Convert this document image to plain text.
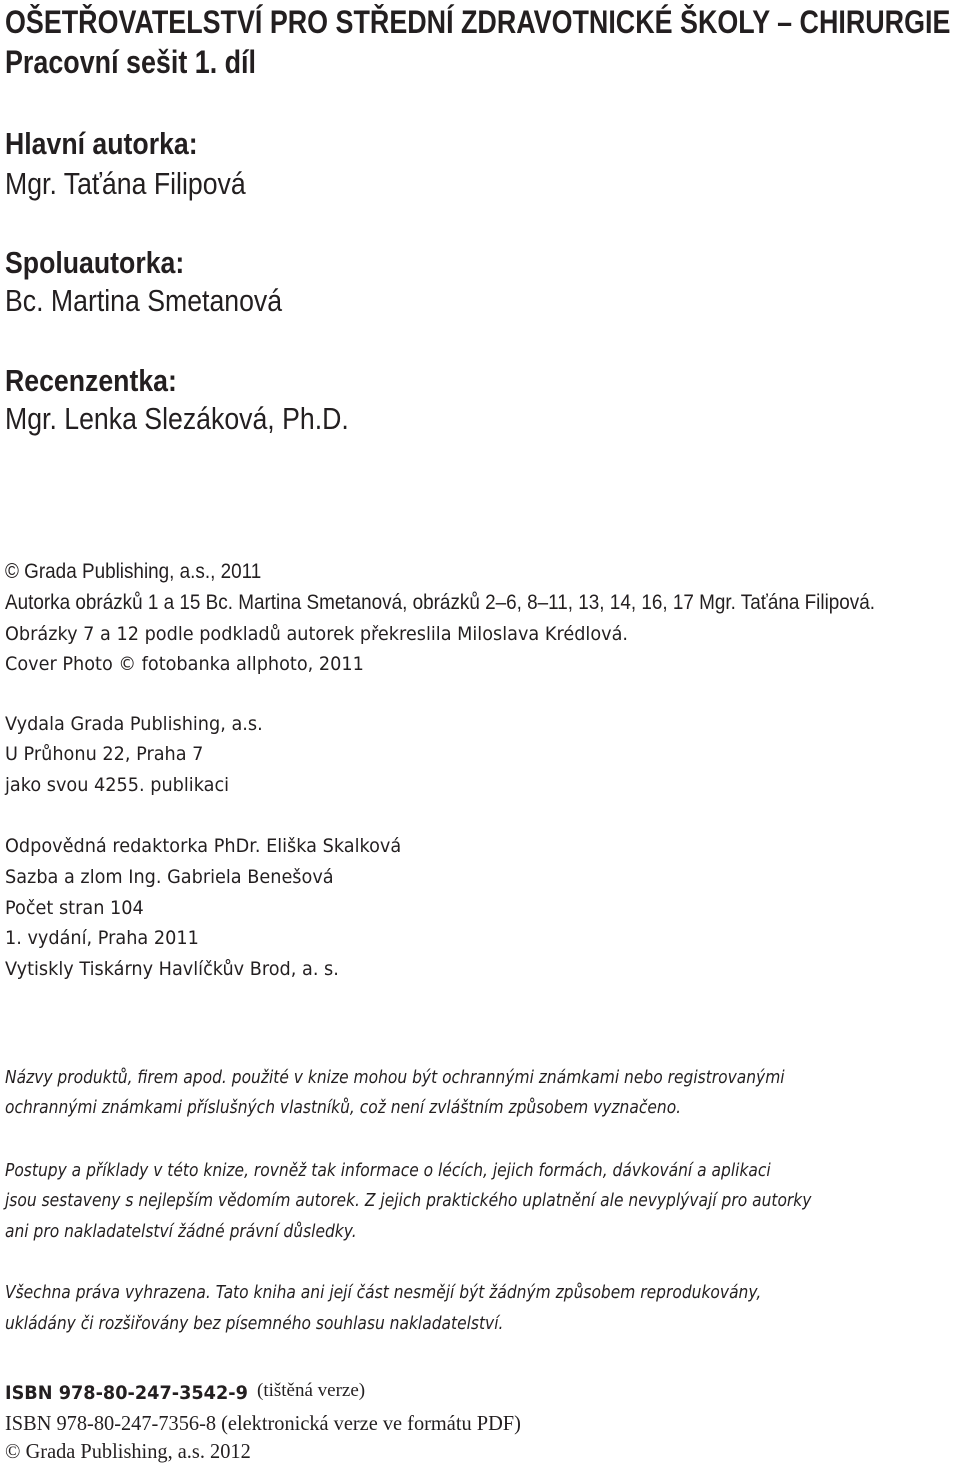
OŠETŘOVATELSTVÍ PRO STŘEDNÍ ZDRAVOTNICKÉ ŠKOLY – CHIRURGIE
Pracovní sešit 1. díl
Hlavní autorka:
Mgr. Taťána Filipová
Spoluautorka:
Bc. Martina Smetanová
Recenzentka:
Mgr. Lenka Slezáková, Ph.D.
© Grada Publishing, a.s., 2011
Autorka obrázků 1 a 15 Bc. Martina Smetanová, obrázků 2–6, 8–11, 13, 14, 16, 17 Mgr. Taťána Filipová.
Obrázky 7 a 12 podle podkladů autorek překreslila Miloslava Krédlová.
Cover Photo © fotobanka allphoto, 2011
Vydala Grada Publishing, a.s.
U Průhonu 22, Praha 7
jako svou 4255. publikaci
Odpovědná redaktorka PhDr. Eliška Skalková
Sazba a zlom Ing. Gabriela Benešová
Počet stran 104
1. vydání, Praha 2011
Vytiskly Tiskárny Havlíčkův Brod, a. s.
Názvy produktů, firem apod. použité v knize mohou být ochrannými známkami nebo registrovanými
ochrannými známkami příslušných vlastníků, což není zvláštním způsobem vyznačeno.
Postupy a příklady v této knize, rovněž tak informace o lécích, jejich formách, dávkování a aplikaci
jsou sestaveny s nejlepším vědomím autorek. Z jejich praktického uplatnění ale nevyplývají pro autorky
ani pro nakladatelství žádné právní důsledky.
Všechna práva vyhrazena. Tato kniha ani její část nesmějí být žádným způsobem reprodukovány,
ukládány či rozšiřovány bez písemného souhlasu nakladatelství.
ISBN 978-80-247-3542-9 (tištěná verze)
ISBN 978-80-247-7356-8 (elektronická verze ve formátu PDF)
© Grada Publishing, a.s. 2012
